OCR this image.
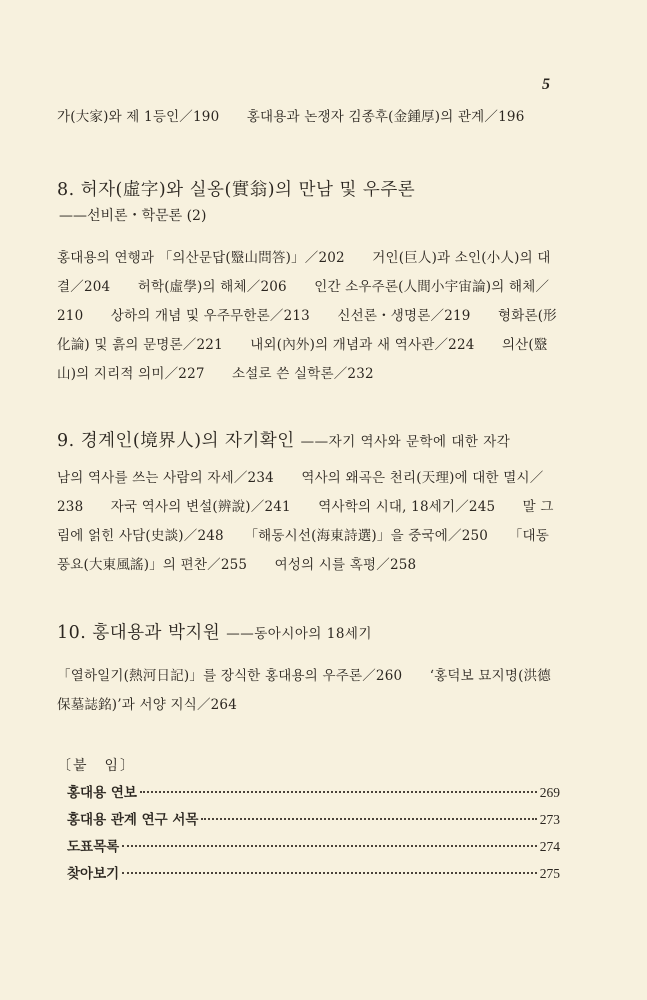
5

가(大家)와 제 1등인／190　　홍대용과 논쟁자 김종후(金鍾厚)의 관계／196

8. 허자(虛字)와 실옹(實翁)의 만남 및 우주론

——선비론・학문론 (2)

홍대용의 연행과 「의산문답(毉山問答)」／202　　거인(巨人)과 소인(小人)의 대결／204　　허학(虛學)의 해체／206　　인간 소우주론(人間小宇宙論)의 해체／210　　상하의 개념 및 우주무한론／213　　신선론・생명론／219　　형화론(形化論) 및 흙의 문명론／221　　내외(內外)의 개념과 새 역사관／224　　의산(毉山)의 지리적 의미／227　　소설로 쓴 실학론／232

9. 경계인(境界人)의 자기확인 ——자기 역사와 문학에 대한 자각

남의 역사를 쓰는 사람의 자세／234　　역사의 왜곡은 천리(天理)에 대한 멸시／238　　자국 역사의 변설(辨說)／241　　역사학의 시대, 18세기／245　　말 그림에 얽힌 사담(史談)／248　　「해동시선(海東詩選)」을 중국에／250　　「대동풍요(大東風謠)」의 편찬／255　　여성의 시를 혹평／258

10. 홍대용과 박지원 ——동아시아의 18세기

「열하일기(熱河日記)」를 장식한 홍대용의 우주론／260　　‘홍덕보 묘지명(洪德保墓誌銘)’과 서양 지식／264

〔붙　임〕
홍대용 연보	269
홍대용 관계 연구 서목	273
도표목록	274
찾아보기	275
